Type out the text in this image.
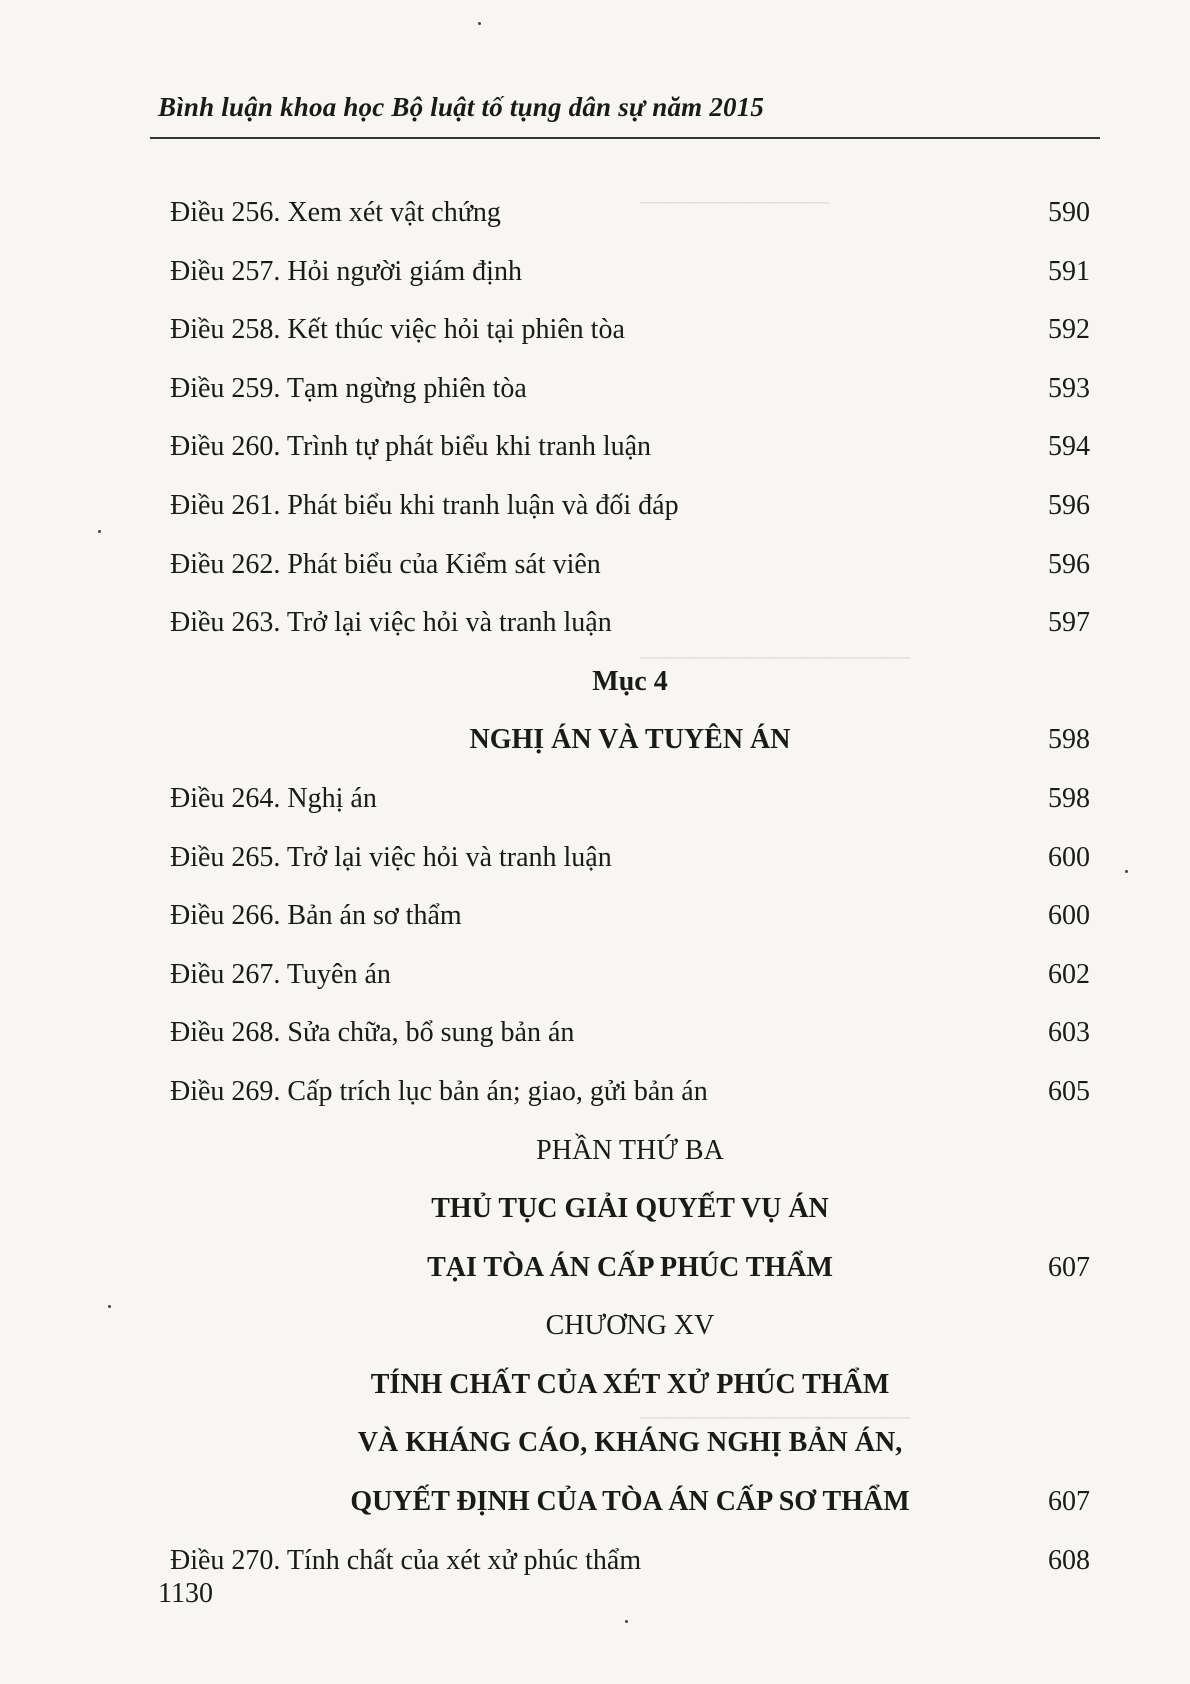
Bình luận khoa học Bộ luật tố tụng dân sự năm 2015
———————
——————————
——————————
Điều 256. Xem xét vật chứng	590
Điều 257. Hỏi người giám định	591
Điều 258. Kết thúc việc hỏi tại phiên tòa	592
Điều 259. Tạm ngừng phiên tòa	593
Điều 260. Trình tự phát biểu khi tranh luận	594
Điều 261. Phát biểu khi tranh luận và đối đáp	596
Điều 262. Phát biểu của Kiểm sát viên	596
Điều 263. Trở lại việc hỏi và tranh luận	597
Mục 4
NGHỊ ÁN VÀ TUYÊN ÁN	598
Điều 264. Nghị án	598
Điều 265. Trở lại việc hỏi và tranh luận	600
Điều 266. Bản án sơ thẩm	600
Điều 267. Tuyên án	602
Điều 268. Sửa chữa, bổ sung bản án	603
Điều 269. Cấp trích lục bản án; giao, gửi bản án	605
PHẦN THỨ BA
THỦ TỤC GIẢI QUYẾT VỤ ÁN
TẠI TÒA ÁN CẤP PHÚC THẨM	607
CHƯƠNG XV
TÍNH CHẤT CỦA XÉT XỬ PHÚC THẨM
VÀ KHÁNG CÁO, KHÁNG NGHỊ BẢN ÁN,
QUYẾT ĐỊNH CỦA TÒA ÁN CẤP SƠ THẨM	607
Điều 270. Tính chất của xét xử phúc thẩm	608
1130
